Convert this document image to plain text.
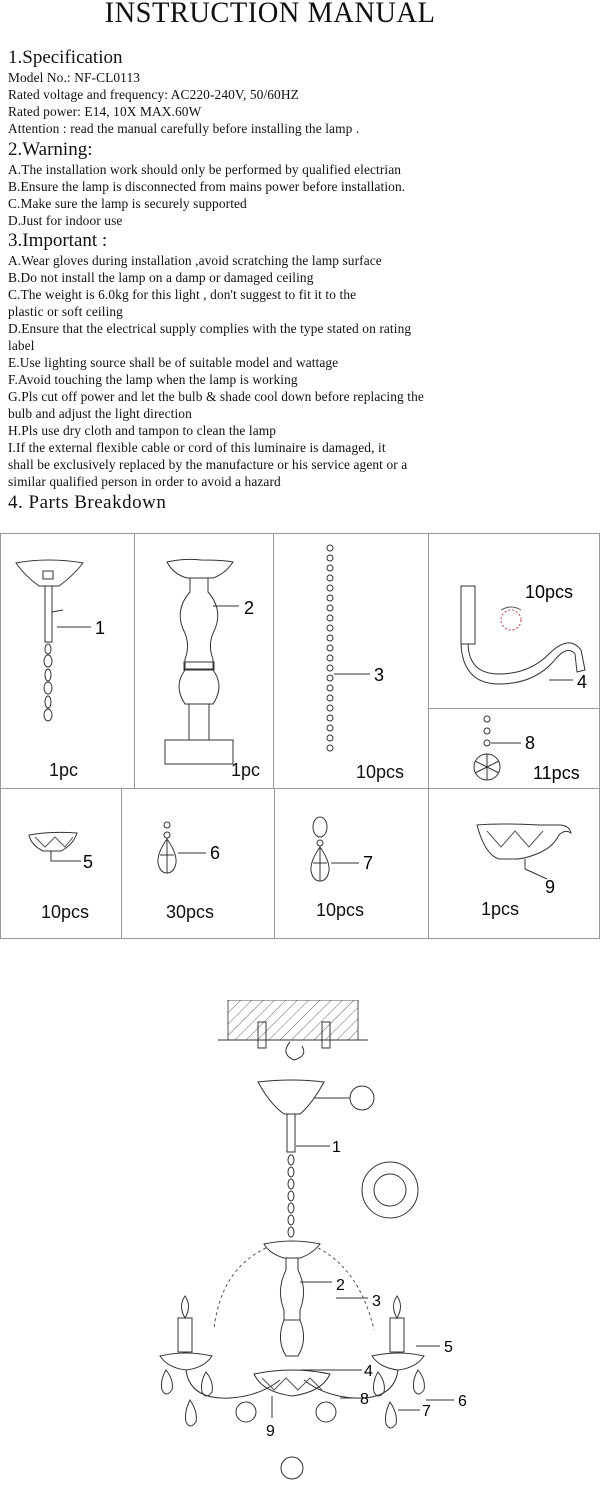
INSTRUCTION MANUAL
1.Specification
Model No.: NF-CL0113
Rated voltage and frequency: AC220-240V, 50/60HZ
Rated power: E14, 10X MAX.60W
Attention : read the manual carefully before installing the lamp .
2.Warning:
A.The installation work should only be performed by qualified electrian
B.Ensure the lamp is disconnected from mains power before installation.
C.Make sure the lamp is securely supported
D.Just for indoor use
3.Important :
A.Wear gloves during installation ,avoid scratching the lamp surface
B.Do not install the lamp on a damp or damaged ceiling
C.The weight is 6.0kg for this light , don't suggest to fit it to the
plastic or soft ceiling
D.Ensure that the electrical supply complies with the type stated on rating
label
E.Use lighting source shall be of suitable model and wattage
F.Avoid touching the lamp when the lamp is working
G.Pls cut off power and let the bulb & shade cool down before replacing the
bulb and adjust the light direction
H.Pls use dry cloth and tampon to clean the lamp
I.If the external flexible cable or cord of this luminaire is damaged, it
shall be exclusively replaced by the manufacture or his service agent or a
similar qualified person in order to avoid a hazard
4. Parts Breakdown
1
1pc
2
1pc
3
10pcs
4
10pcs
8
11pcs
5
10pcs
6
30pcs
7
10pcs
9
1pcs
1
2
3
5
4
6
9
8
7
